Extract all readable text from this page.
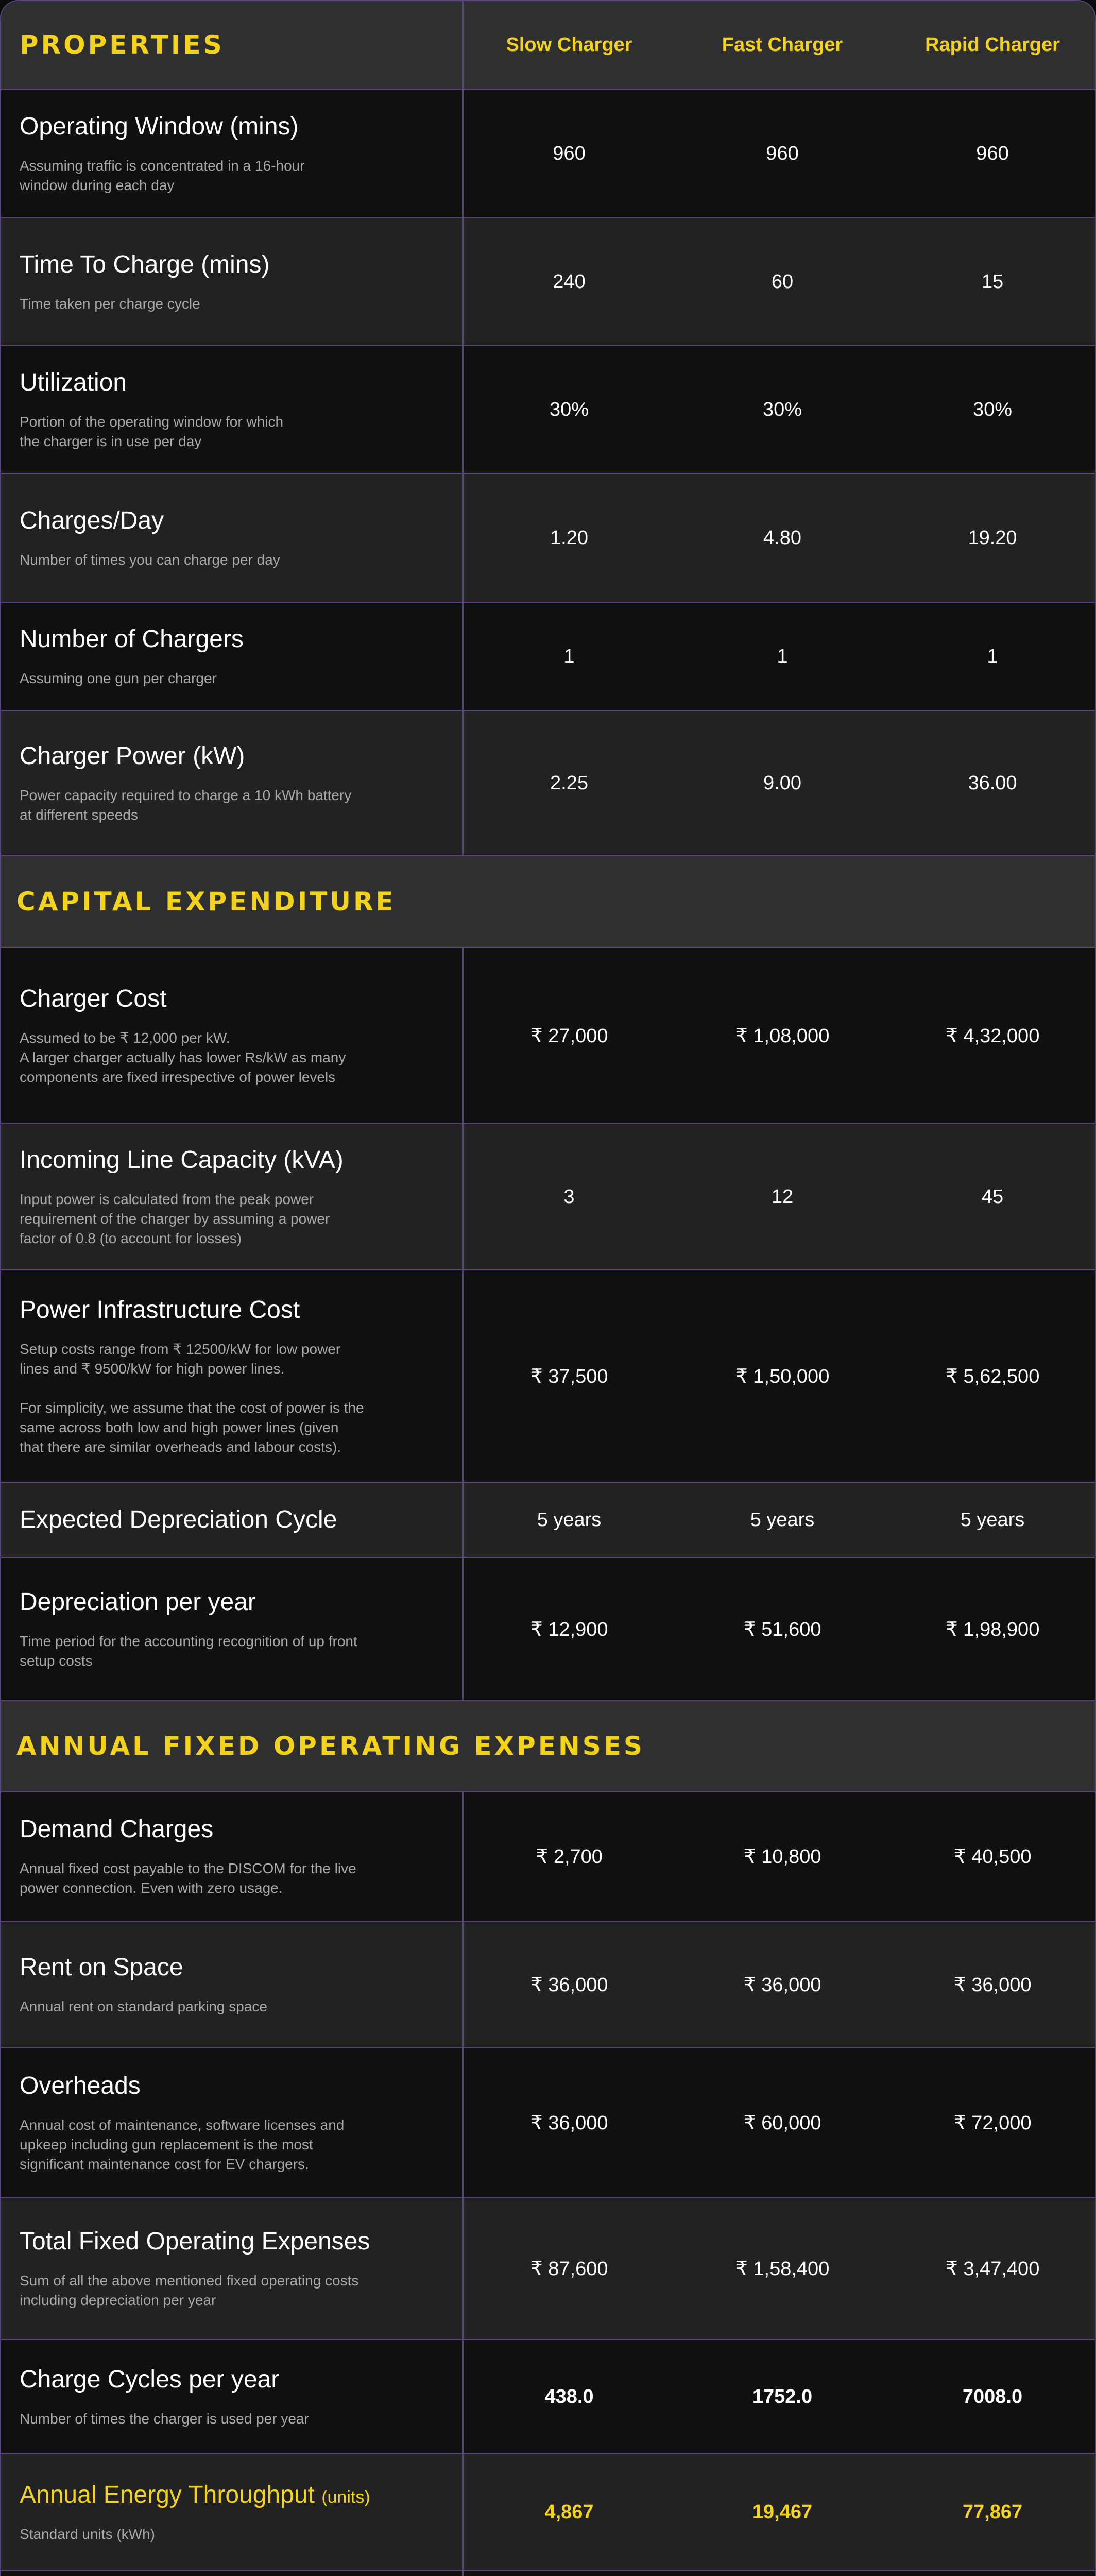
PROPERTIES	Slow Charger	Fast Charger	Rapid Charger
Operating Window (mins)
Assuming traffic is concentrated in a 16-hour
window during each day
960	960	960
Time To Charge (mins)
Time taken per charge cycle
240	60	15
Utilization
Portion of the operating window for which
the charger is in use per day
30%	30%	30%
Charges/Day
Number of times you can charge per day
1.20	4.80	19.20
Number of Chargers
Assuming one gun per charger
1	1	1
Charger Power (kW)
Power capacity required to charge a 10 kWh battery
at different speeds
2.25	9.00	36.00
CAPITAL EXPENDITURE
Charger Cost
Assumed to be ₹ 12,000 per kW.
A larger charger actually has lower Rs/kW as many
components are fixed irrespective of power levels
₹ 27,000	₹ 1,08,000	₹ 4,32,000
Incoming Line Capacity (kVA)
Input power is calculated from the peak power
requirement of the charger by assuming a power
factor of 0.8 (to account for losses)
3	12	45
Power Infrastructure Cost
Setup costs range from ₹ 12500/kW for low power
lines and ₹ 9500/kW for high power lines.

For simplicity, we assume that the cost of power is the
same across both low and high power lines (given
that there are similar overheads and labour costs).
₹ 37,500	₹ 1,50,000	₹ 5,62,500
Expected Depreciation Cycle	5 years	5 years	5 years
Depreciation per year
Time period for the accounting recognition of up front
setup costs
₹ 12,900	₹ 51,600	₹ 1,98,900
ANNUAL FIXED OPERATING EXPENSES
Demand Charges
Annual fixed cost payable to the DISCOM for the live
power connection. Even with zero usage.
₹ 2,700	₹ 10,800	₹ 40,500
Rent on Space
Annual rent on standard parking space
₹ 36,000	₹ 36,000	₹ 36,000
Overheads
Annual cost of maintenance, software licenses and
upkeep including gun replacement is the most
significant maintenance cost for EV chargers.
₹ 36,000	₹ 60,000	₹ 72,000
Total Fixed Operating Expenses
Sum of all the above mentioned fixed operating costs
including depreciation per year
₹ 87,600	₹ 1,58,400	₹ 3,47,400
Charge Cycles per year
Number of times the charger is used per year
438.0	1752.0	7008.0
Annual Energy Throughput (units)
Standard units (kWh)
4,867	19,467	77,867
